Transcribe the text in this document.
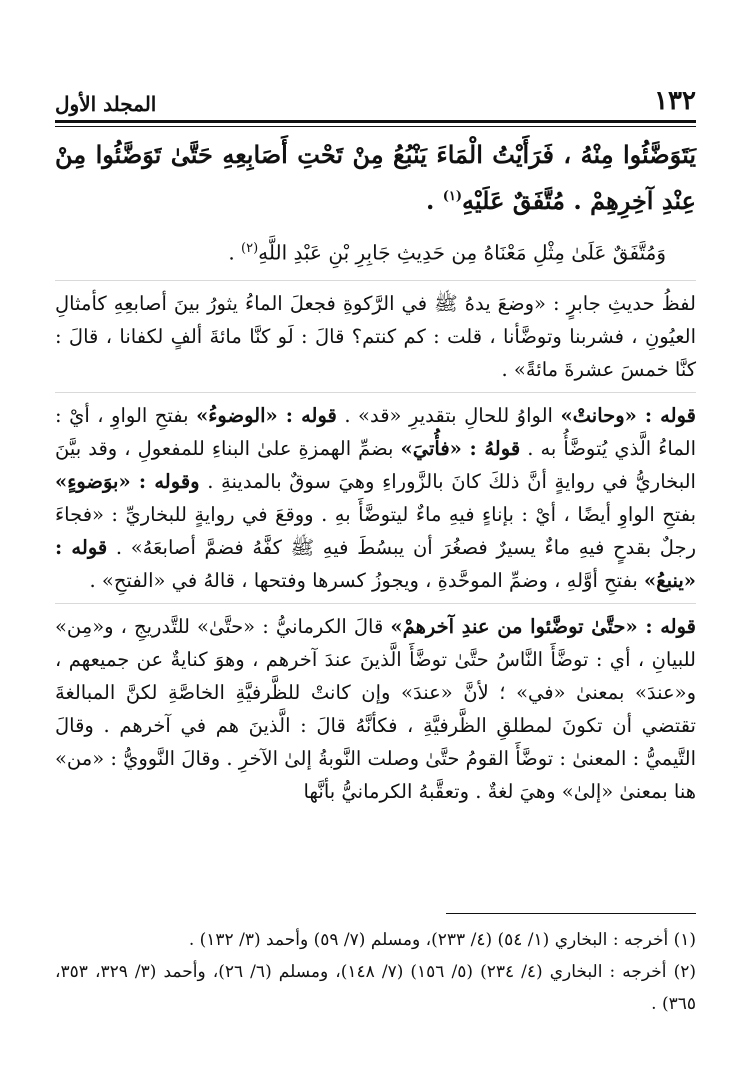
١٣٢
المجلد الأول

يَتَوَضَّئُوا مِنْهُ ، فَرَأَيْتُ الْمَاءَ يَنْبُعُ مِنْ تَحْتِ أَصَابِعِهِ حَتَّىٰ تَوَضَّئُوا مِنْ عِنْدِ آخِرِهِمْ . مُتَّفَقٌ عَلَيْهِ$^{(١)}$ .

وَمُتَّفَقٌ عَلَىٰ مِثْلِ مَعْنَاهُ مِن حَدِيثِ جَابِرِ بْنِ عَبْدِ اللَّهِ$^{(٢)}$ .

لفظُ حديثِ جابرٍ : «وضعَ يدهُ ﷺ في الرَّكوةِ فجعلَ الماءُ يثورُ بينَ أصابعِهِ كأمثالِ العيُونِ ، فشربنا وتوضَّأنا ، قلت : كم كنتم؟ قالَ : لَو كنَّا مائةَ ألفٍ لكفانا ، قالَ : كنَّا خمسَ عشرةَ مائةً» .

قوله : «وحانتْ» الواوُ للحالِ بتقديرِ «قد» . قوله : «الوضوءُ» بفتحِ الواوِ ، أيْ : الماءُ الَّذي يُتوضَّأُ به . قولهُ : «فأُتيَ» بضمِّ الهمزةِ علىٰ البناءِ للمفعولِ ، وقد بيَّنَ البخاريُّ في روايةٍ أنَّ ذلكَ كانَ بالزَّوراءِ وهيَ سوقٌ بالمدينةِ . وقوله : «بوَضوءٍ» بفتحِ الواوِ أيضًا ، أيْ : بإناءٍ فيهِ ماءٌ ليتوضَّأَ بهِ . ووقعَ في روايةٍ للبخاريِّ : «فجاءَ رجلٌ بقدحٍ فيهِ ماءٌ يسيرٌ فصغُرَ أن يبسُطَ فيهِ ﷺ كفَّهُ فضمَّ أصابعَهُ» . قوله : «ينبعُ» بفتحِ أوَّلهِ ، وضمِّ الموحَّدةِ ، ويجوزُ كسرها وفتحها ، قالهُ في «الفتحِ» .

قوله : «حتَّىٰ توضَّئوا من عندِ آخرهمْ» قالَ الكرمانيُّ : «حتَّىٰ» للتَّدريجِ ، و«مِن» للبيانِ ، أي : توضَّأَ النَّاسُ حتَّىٰ توضَّأَ الَّذينَ عندَ آخرهم ، وهوَ كنايةٌ عن جميعهم ، و«عندَ» بمعنىٰ «في» ؛ لأنَّ «عندَ» وإن كانتْ للظَّرفيَّةِ الخاصَّةِ لكنَّ المبالغةَ تقتضي أن تكونَ لمطلقِ الظَّرفيَّةِ ، فكأنَّهُ قالَ : الَّذينَ هم في آخرهم . وقالَ التَّيميُّ : المعنىٰ : توضَّأَ القومُ حتَّىٰ وصلت النَّوبةُ إلىٰ الآخرِ . وقالَ النَّوويُّ : «من» هنا بمعنىٰ «إلىٰ» وهيَ لغةٌ . وتعقَّبهُ الكرمانيُّ بأنَّها

(١) أخرجه : البخاري (١/ ٥٤) (٤/ ٢٣٣)، ومسلم (٧/ ٥٩) وأحمد (٣/ ١٣٢) .

(٢) أخرجه : البخاري (٤/ ٢٣٤) (٥/ ١٥٦) (٧/ ١٤٨)، ومسلم (٦/ ٢٦)، وأحمد (٣/ ٣٢٩، ٣٥٣، ٣٦٥) .
